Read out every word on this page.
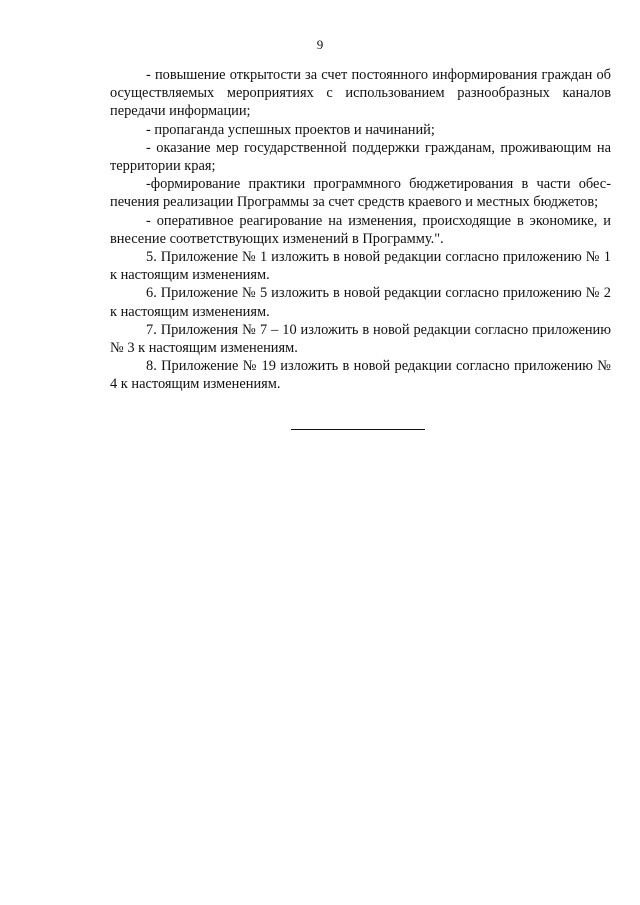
9

- повышение открытости за счет постоянного информирования граждан об осуществляемых мероприятиях с использованием разнообразных каналов передачи информации;

- пропаганда успешных проектов и начинаний;

- оказание мер государственной поддержки гражданам, проживающим на территории края;

-формирование практики программного бюджетирования в части обеспечения реализации Программы за счет средств краевого и местных бюджетов;

- оперативное реагирование на изменения, происходящие в экономике, и внесение соответствующих изменений в Программу.".

5. Приложение № 1 изложить в новой редакции согласно приложению № 1 к настоящим изменениям.

6. Приложение № 5 изложить в новой редакции согласно приложению № 2 к настоящим изменениям.

7. Приложения № 7 – 10 изложить в новой редакции согласно приложению № 3 к настоящим изменениям.

8. Приложение № 19 изложить в новой редакции согласно приложению № 4 к настоящим изменениям.
